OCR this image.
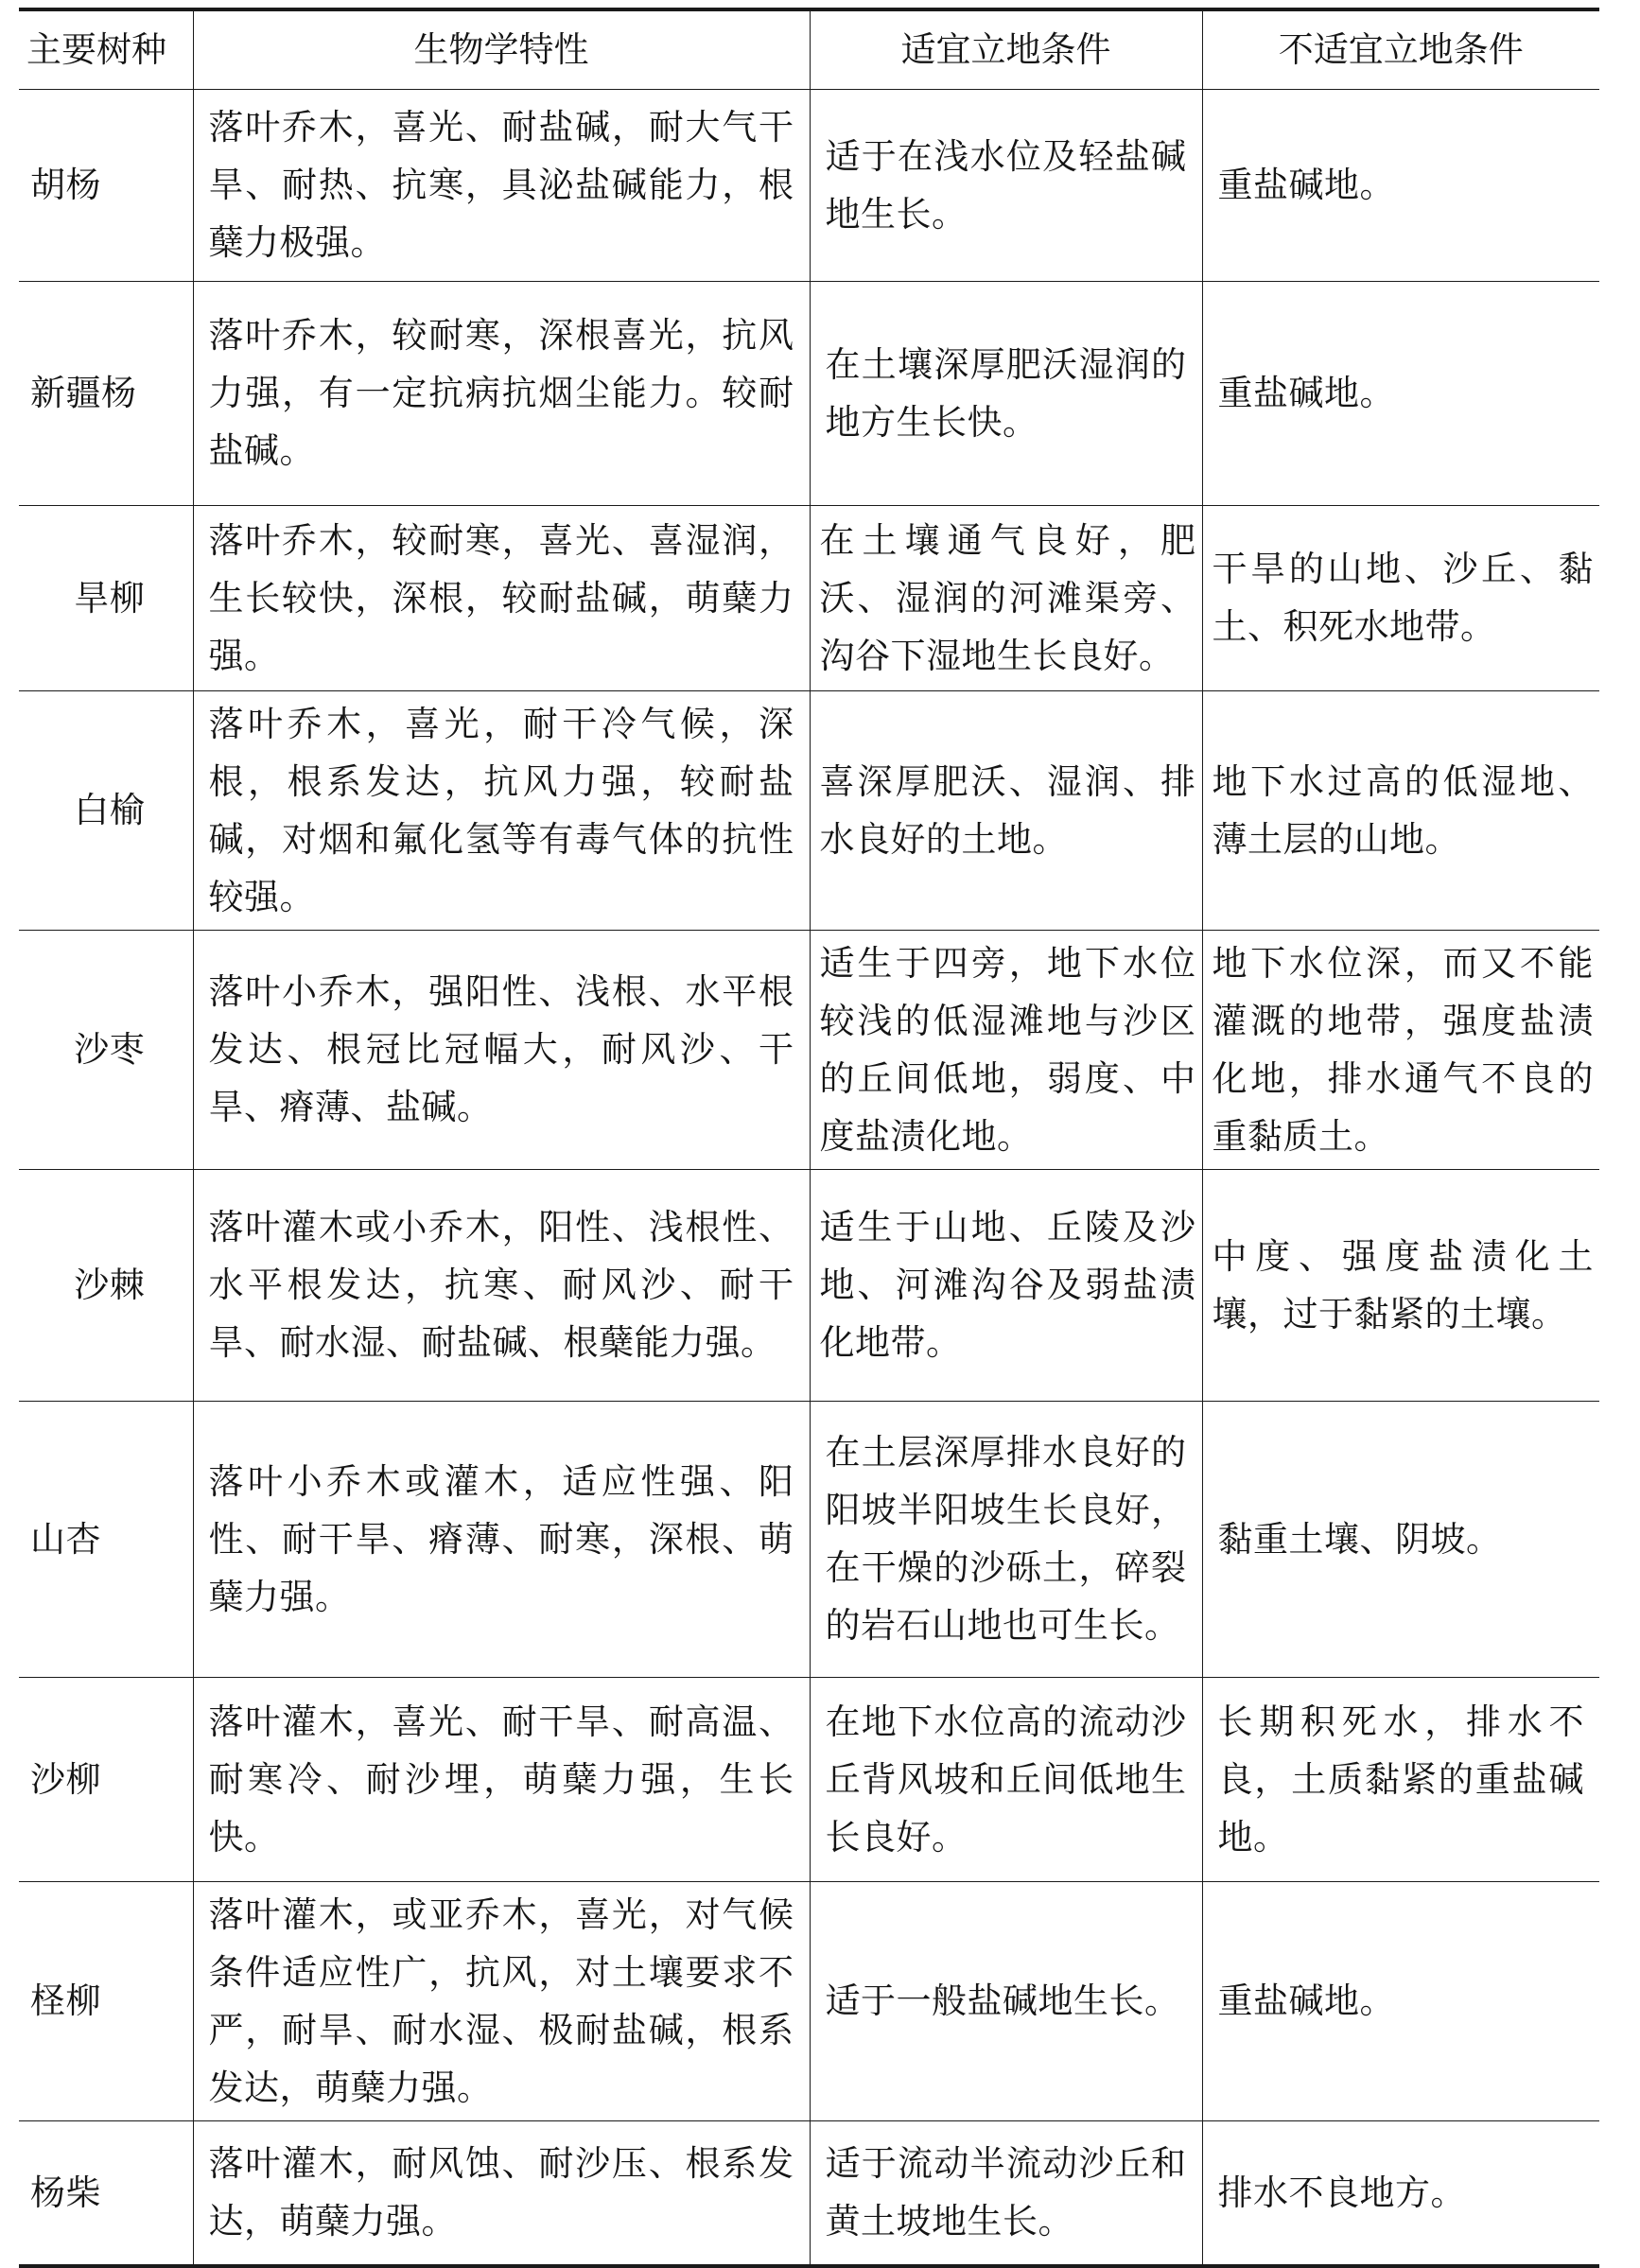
主要树种	生物学特性	适宜立地条件	不适宜立地条件
胡杨	落叶乔木，喜光、耐盐碱，耐大气干旱、耐热、抗寒，具泌盐碱能力，根蘖力极强。	适于在浅水位及轻盐碱地生长。	重盐碱地。
新疆杨	落叶乔木，较耐寒，深根喜光，抗风力强，有一定抗病抗烟尘能力。较耐盐碱。	在土壤深厚肥沃湿润的地方生长快。	重盐碱地。
旱柳	落叶乔木，较耐寒，喜光、喜湿润，生长较快，深根，较耐盐碱，萌蘖力强。	在土壤通气良好，肥沃、湿润的河滩渠旁、沟谷下湿地生长良好。	干旱的山地、沙丘、黏土、积死水地带。
白榆	落叶乔木，喜光，耐干冷气候，深根，根系发达，抗风力强，较耐盐碱，对烟和氟化氢等有毒气体的抗性较强。	喜深厚肥沃、湿润、排水良好的土地。	地下水过高的低湿地、薄土层的山地。
沙枣	落叶小乔木，强阳性、浅根、水平根发达、根冠比冠幅大，耐风沙、干旱、瘠薄、盐碱。	适生于四旁，地下水位较浅的低湿滩地与沙区的丘间低地，弱度、中度盐渍化地。	地下水位深，而又不能灌溉的地带，强度盐渍化地，排水通气不良的重黏质土。
沙棘	落叶灌木或小乔木，阳性、浅根性、水平根发达，抗寒、耐风沙、耐干旱、耐水湿、耐盐碱、根蘖能力强。	适生于山地、丘陵及沙地、河滩沟谷及弱盐渍化地带。	中度、强度盐渍化土壤，过于黏紧的土壤。
山杏	落叶小乔木或灌木，适应性强、阳性、耐干旱、瘠薄、耐寒，深根、萌蘖力强。	在土层深厚排水良好的阳坡半阳坡生长良好，在干燥的沙砾土，碎裂的岩石山地也可生长。	黏重土壤、阴坡。
沙柳	落叶灌木，喜光、耐干旱、耐高温、耐寒冷、耐沙埋，萌蘖力强，生长快。	在地下水位高的流动沙丘背风坡和丘间低地生长良好。	长期积死水，排水不良，土质黏紧的重盐碱地。
柽柳	落叶灌木，或亚乔木，喜光，对气候条件适应性广，抗风，对土壤要求不严，耐旱、耐水湿、极耐盐碱，根系发达，萌蘖力强。	适于一般盐碱地生长。	重盐碱地。
杨柴	落叶灌木，耐风蚀、耐沙压、根系发达，萌蘖力强。	适于流动半流动沙丘和黄土坡地生长。	排水不良地方。
